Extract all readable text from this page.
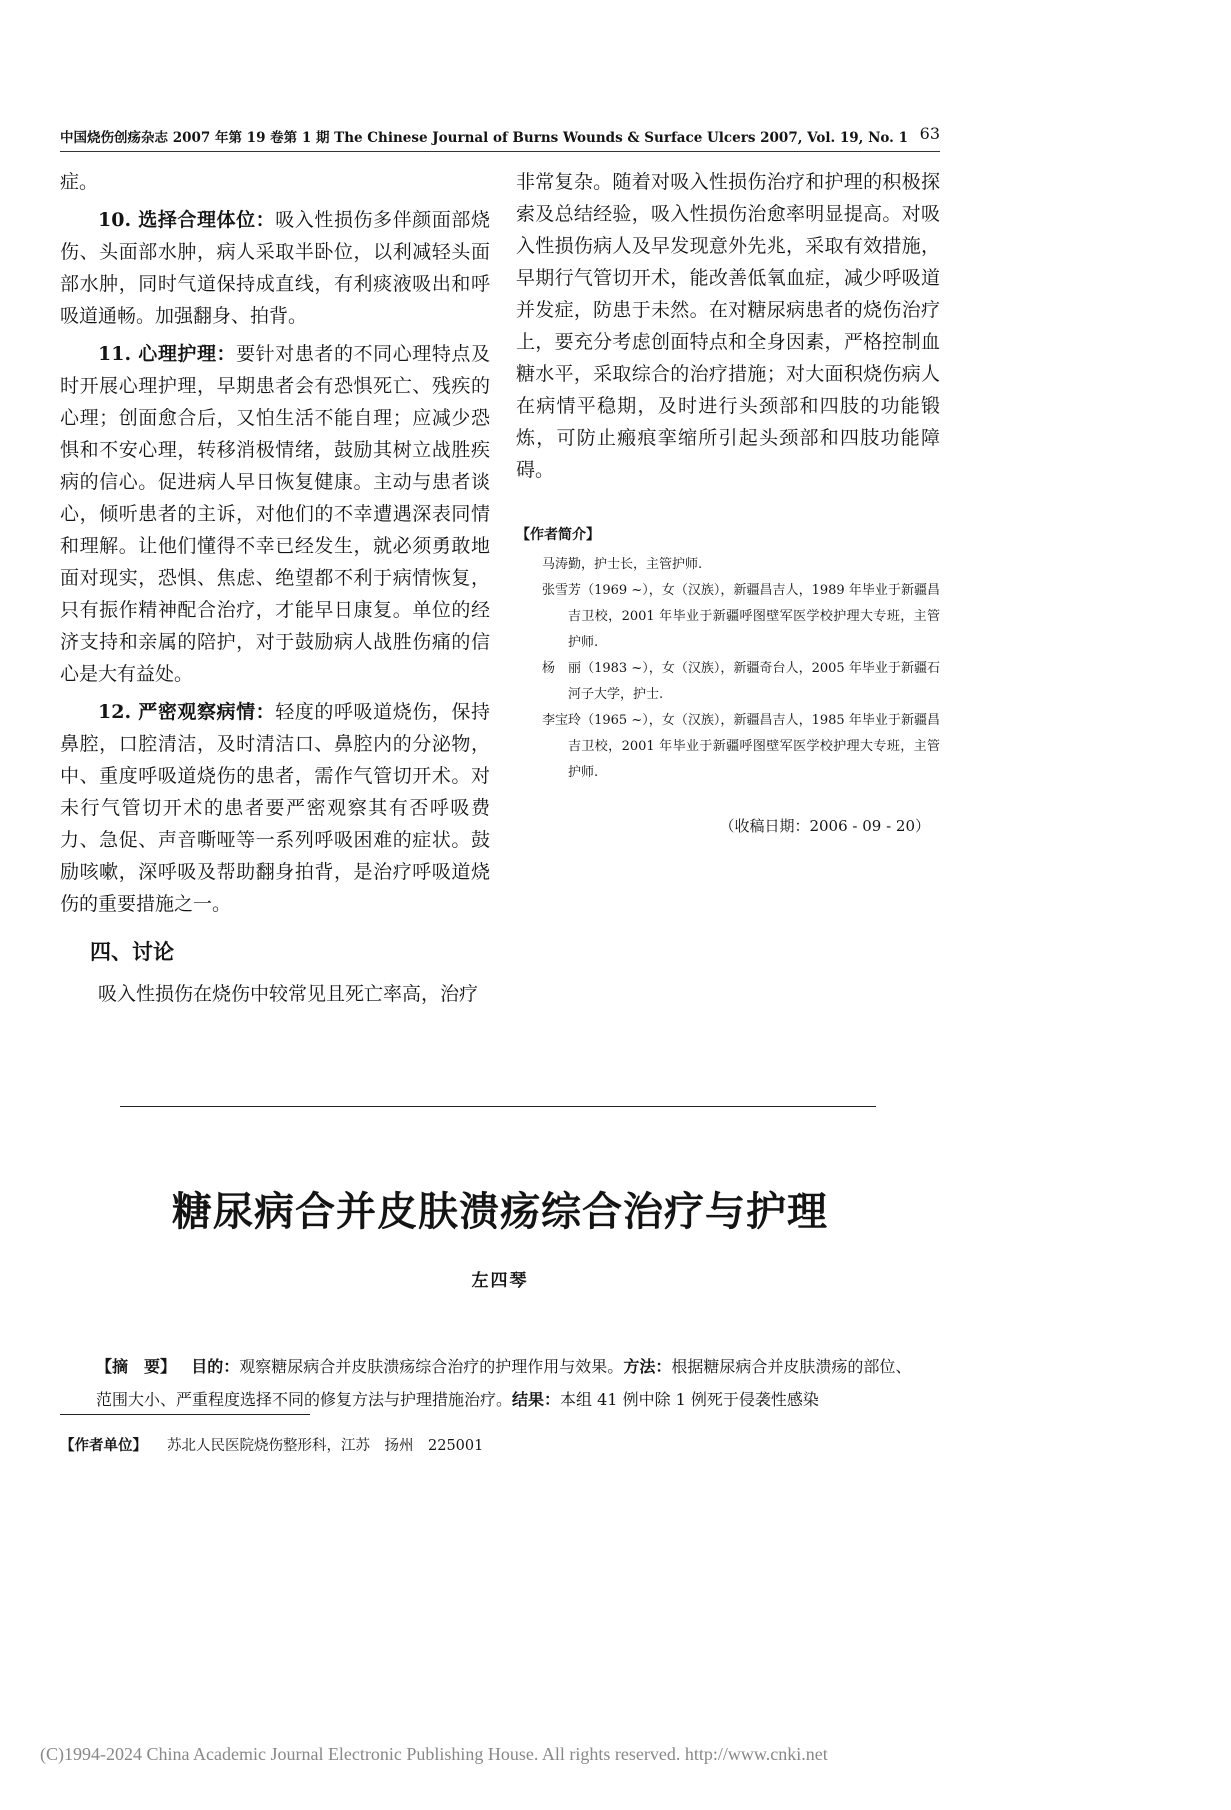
中国烧伤创疡杂志 2007 年第 19 卷第 1 期 The Chinese Journal of Burns Wounds & Surface Ulcers 2007, Vol. 19, No. 1 63

症。

10. 选择合理体位：吸入性损伤多伴颜面部烧伤、头面部水肿，病人采取半卧位，以利减轻头面部水肿，同时气道保持成直线，有利痰液吸出和呼吸道通畅。加强翻身、拍背。

11. 心理护理：要针对患者的不同心理特点及时开展心理护理，早期患者会有恐惧死亡、残疾的心理；创面愈合后，又怕生活不能自理；应减少恐惧和不安心理，转移消极情绪，鼓励其树立战胜疾病的信心。促进病人早日恢复健康。主动与患者谈心，倾听患者的主诉，对他们的不幸遭遇深表同情和理解。让他们懂得不幸已经发生，就必须勇敢地面对现实，恐惧、焦虑、绝望都不利于病情恢复，只有振作精神配合治疗，才能早日康复。单位的经济支持和亲属的陪护，对于鼓励病人战胜伤痛的信心是大有益处。

12. 严密观察病情：轻度的呼吸道烧伤，保持鼻腔，口腔清洁，及时清洁口、鼻腔内的分泌物，中、重度呼吸道烧伤的患者，需作气管切开术。对未行气管切开术的患者要严密观察其有否呼吸费力、急促、声音嘶哑等一系列呼吸困难的症状。鼓励咳嗽，深呼吸及帮助翻身拍背，是治疗呼吸道烧伤的重要措施之一。

四、讨论

吸入性损伤在烧伤中较常见且死亡率高，治疗

非常复杂。随着对吸入性损伤治疗和护理的积极探索及总结经验，吸入性损伤治愈率明显提高。对吸入性损伤病人及早发现意外先兆，采取有效措施，早期行气管切开术，能改善低氧血症，减少呼吸道并发症，防患于未然。在对糖尿病患者的烧伤治疗上，要充分考虑创面特点和全身因素，严格控制血糖水平，采取综合的治疗措施；对大面积烧伤病人在病情平稳期，及时进行头颈部和四肢的功能锻炼，可防止瘢痕挛缩所引起头颈部和四肢功能障碍。

【作者简介】

马涛勤，护士长，主管护师.

张雪芳（1969 ~），女（汉族），新疆昌吉人，1989 年毕业于新疆昌吉卫校，2001 年毕业于新疆呼图壁军医学校护理大专班，主管护师.

杨　丽（1983 ~），女（汉族），新疆奇台人，2005 年毕业于新疆石河子大学，护士.

李宝玲（1965 ~），女（汉族），新疆昌吉人，1985 年毕业于新疆昌吉卫校，2001 年毕业于新疆呼图壁军医学校护理大专班，主管护师.

（收稿日期：2006 - 09 - 20）

糖尿病合并皮肤溃疡综合治疗与护理
左四琴

【摘　要】 目的：观察糖尿病合并皮肤溃疡综合治疗的护理作用与效果。方法：根据糖尿病合并皮肤溃疡的部位、范围大小、严重程度选择不同的修复方法与护理措施治疗。结果：本组 41 例中除 1 例死于侵袭性感染

【作者单位】 苏北人民医院烧伤整形科，江苏　扬州　225001
(C)1994-2024 China Academic Journal Electronic Publishing House. All rights reserved. http://www.cnki.net
